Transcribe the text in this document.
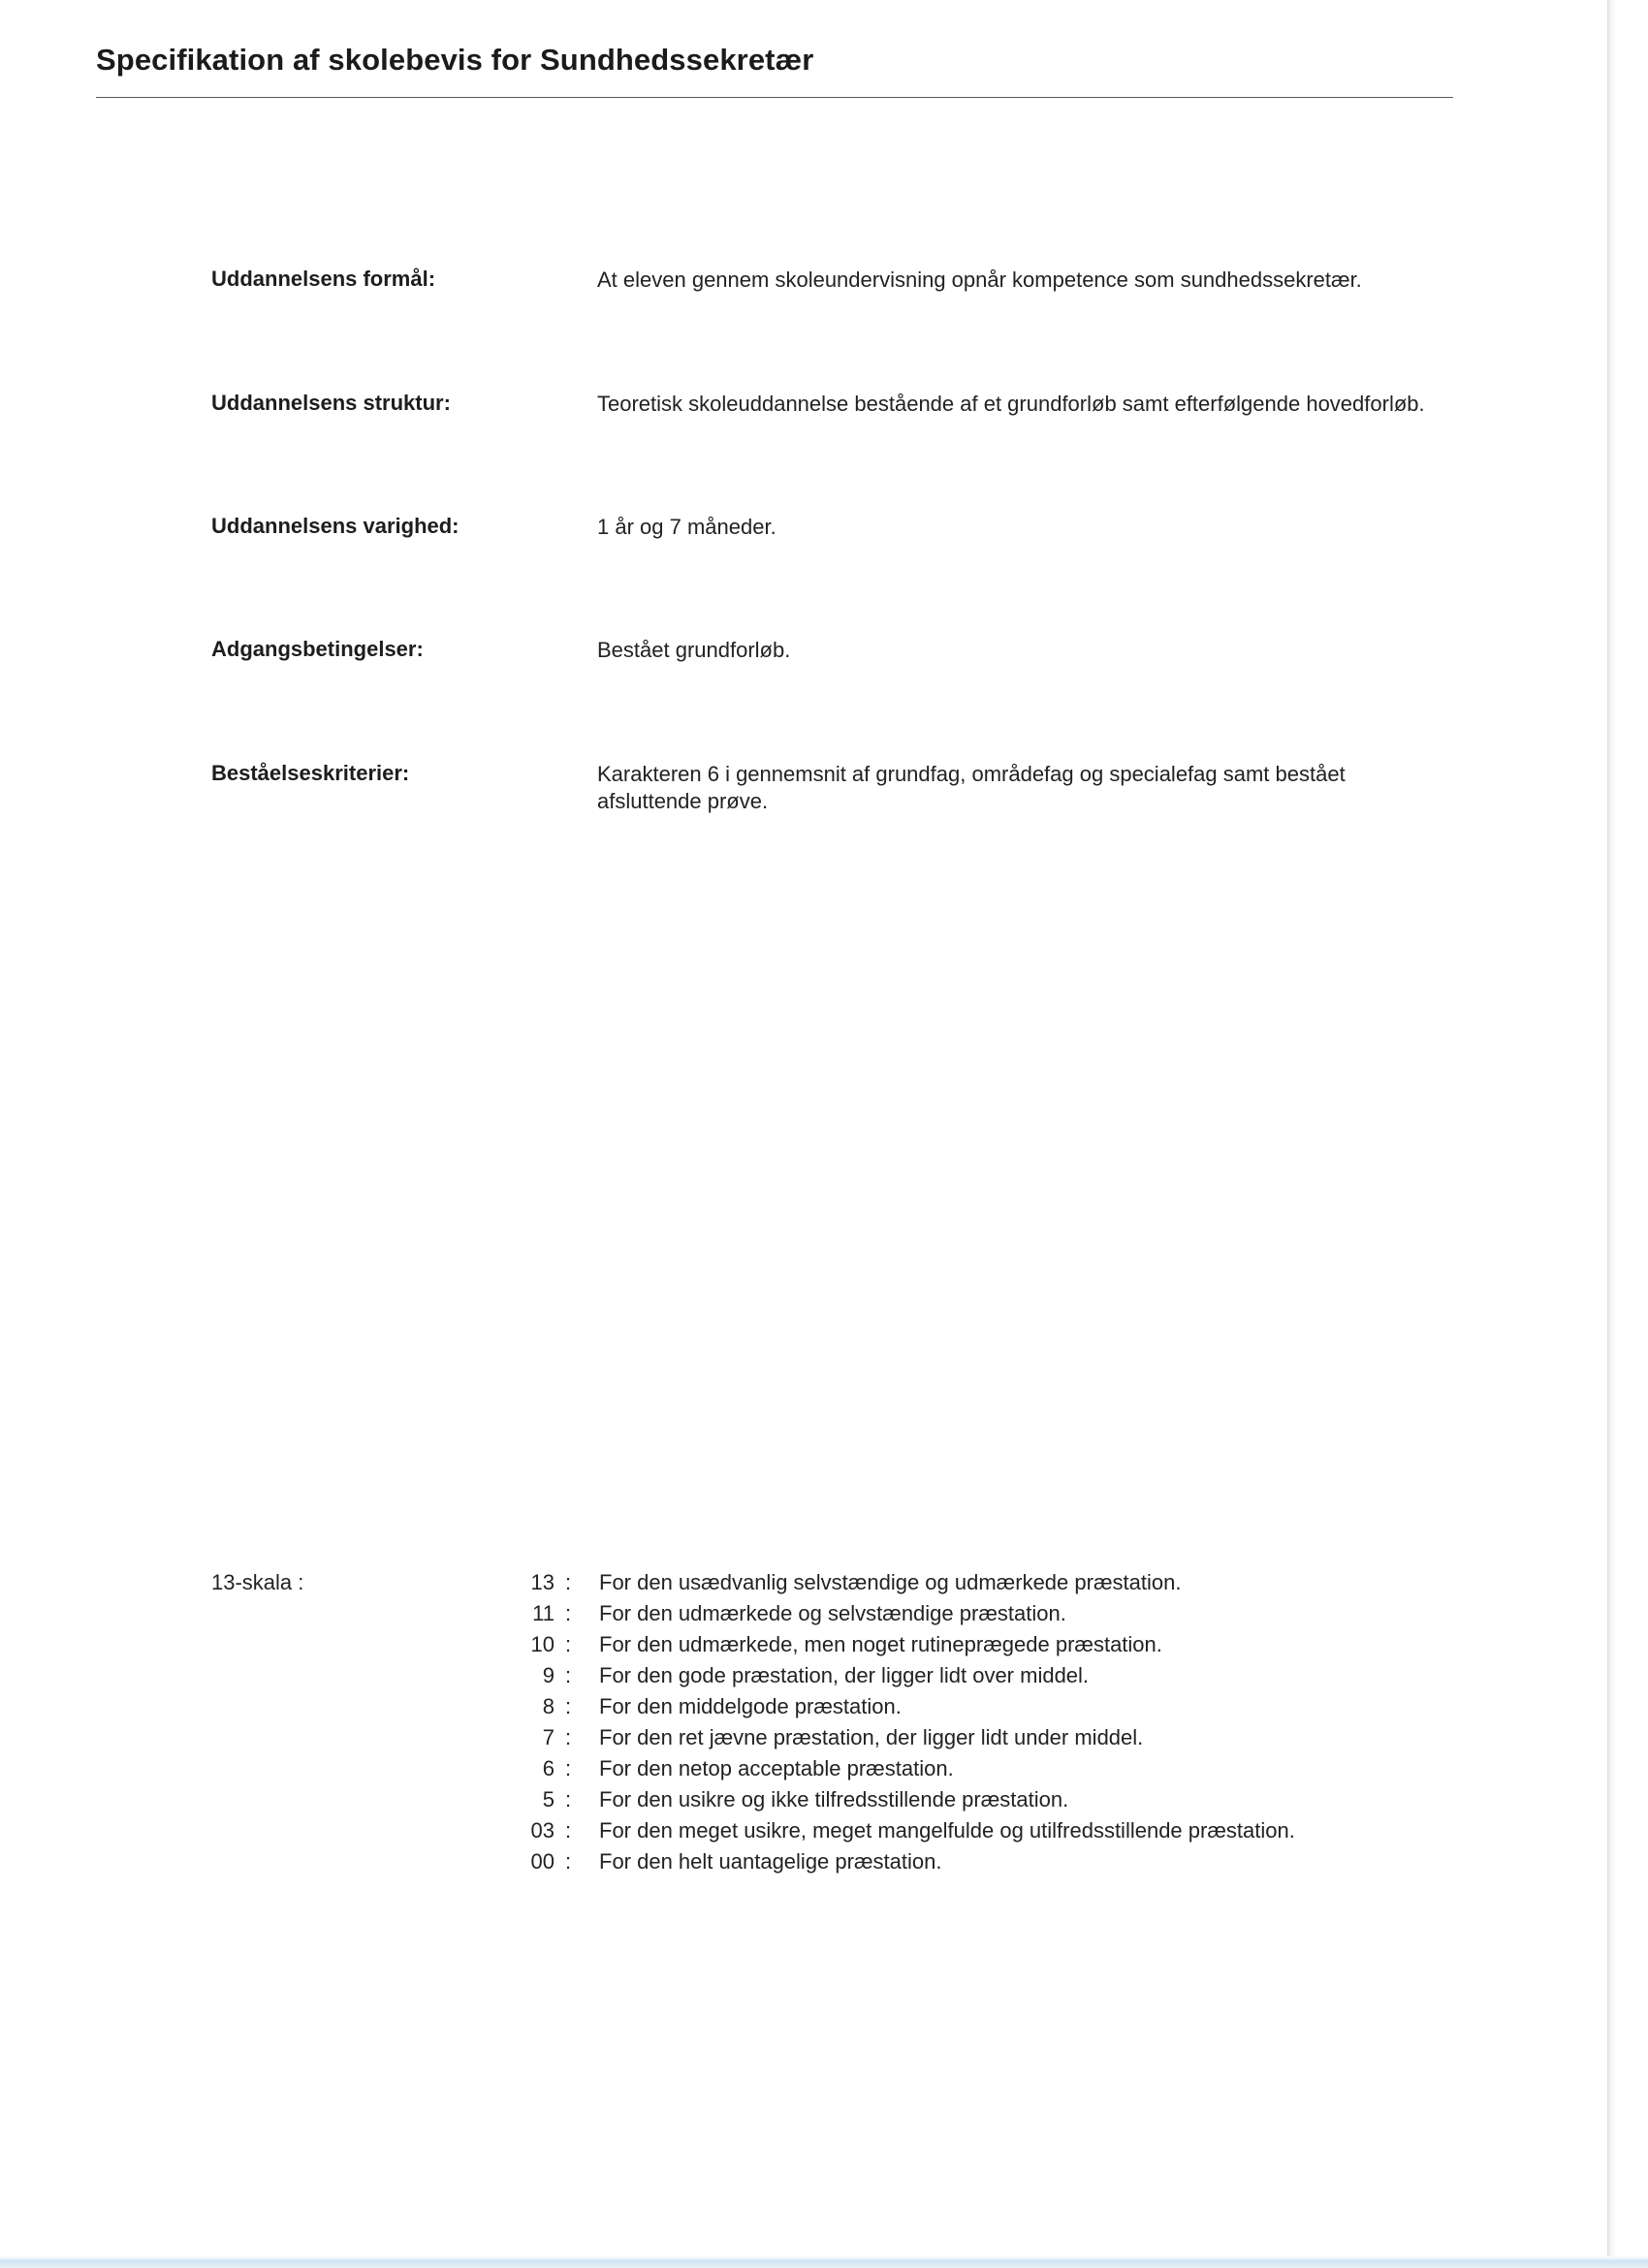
Specifikation af skolebevis for Sundhedssekretær
Uddannelsens formål:	At eleven gennem skoleundervisning opnår kompetence som sundhedssekretær.
Uddannelsens struktur:	Teoretisk skoleuddannelse bestående af et grundforløb samt efterfølgende hovedforløb.
Uddannelsens varighed:	1 år og 7 måneder.
Adgangsbetingelser:	Bestået grundforløb.
Beståelseskriterier:	Karakteren 6 i gennemsnit af grundfag, områdefag og specialefag samt bestået afsluttende prøve.
13-skala :	13 : For den usædvanlig selvstændige og udmærkede præstation.
11 : For den udmærkede og selvstændige præstation.
10 : For den udmærkede, men noget rutineprægede præstation.
9 : For den gode præstation, der ligger lidt over middel.
8 : For den middelgode præstation.
7 : For den ret jævne præstation, der ligger lidt under middel.
6 : For den netop acceptable præstation.
5 : For den usikre og ikke tilfredsstillende præstation.
03 : For den meget usikre, meget mangelfulde og utilfredsstillende præstation.
00 : For den helt uantagelige præstation.
